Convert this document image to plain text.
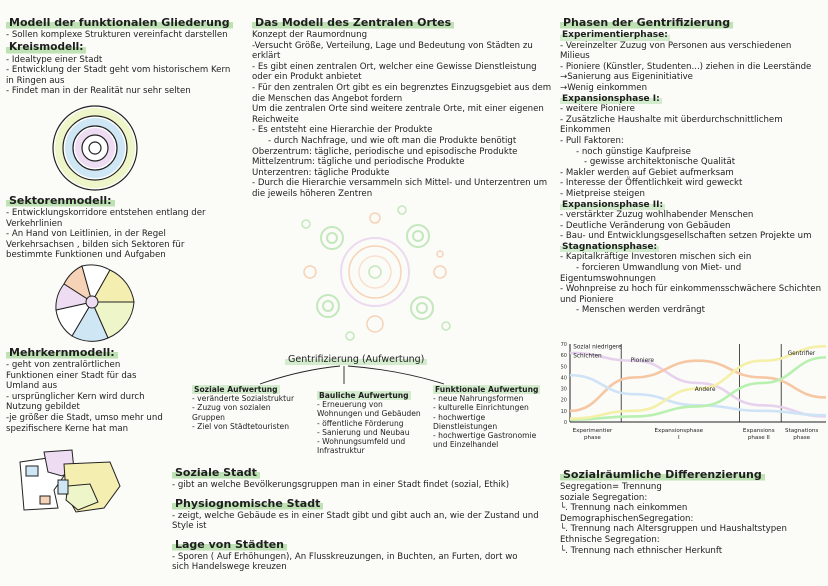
Modell der funktionalen Gliederung
- Sollen komplexe Strukturen vereinfacht darstellen
Kreismodell:
- Idealtype einer Stadt
- Entwicklung der Stadt geht vom historischem Kern
in Ringen aus
- Findet man in der Realität nur sehr selten
Sektorenmodell:
- Entwicklungskorridore entstehen entlang der
Verkehrlinien
- An Hand von Leitlinien, in der Regel
Verkehrsachsen , bilden sich Sektoren für
bestimmte Funktionen und Aufgaben
Mehrkernmodell:
- geht von zentralörtlichen
Funktionen einer Stadt für das
Umland aus
- ursprünglicher Kern wird durch
Nutzung gebildet
-je größer die Stadt, umso mehr und
spezifischere Kerne hat man
Das Modell des Zentralen Ortes
Konzept der Raumordnung
-Versucht Größe, Verteilung, Lage und Bedeutung von Städten zu
erklärt
- Es gibt einen zentralen Ort, welcher eine Gewisse Dienstleistung
oder ein Produkt anbietet
- Für den zentralen Ort gibt es ein begrenztes Einzugsgebiet aus dem
die Menschen das Angebot fordern
Um die zentralen Orte sind weitere zentrale Orte, mit einer eigenen
Reichweite
- Es entsteht eine Hierarchie der Produkte
- durch Nachfrage, und wie oft man die Produkte benötigt
Oberzentrum: tägliche, periodische und episodische Produkte
Mittelzentrum: tägliche und periodische Produkte
Unterzentren: tägliche Produkte
- Durch die Hierarchie versammeln sich Mittel- und Unterzentren um
die jeweils höheren Zentren
Gentrifizierung (Aufwertung)
Soziale Aufwertung
- veränderte Sozialstruktur
- Zuzug von sozialen
Gruppen
- Ziel von Städtetouristen
Bauliche Aufwertung
- Erneuerung von
Wohnungen und Gebäuden
- öffentliche Förderung
- Sanierung und Neubau
- Wohnungsumfeld und
Infrastruktur
Funktionale Aufwertung
- neue Nahrungsformen
- kulturelle Einrichtungen
- hochwertige
Dienstleistungen
- hochwertige Gastronomie
und Einzelhandel
Soziale Stadt
- gibt an welche Bevölkerungsgruppen man in einer Stadt findet (sozial, Ethik)
Physiognomische Stadt
- zeigt, welche Gebäude es in einer Stadt gibt und gibt auch an, wie der Zustand und
Style ist
Lage von Städten
- Sporen ( Auf Erhöhungen), An Flusskreuzungen, in Buchten, an Furten, dort wo
sich Handelswege kreuzen
Phasen der Gentrifizierung
Experimentierphase:
- Vereinzelter Zuzug von Personen aus verschiedenen
Milieus
- Pioniere (Künstler, Studenten...) ziehen in die Leerstände
→Sanierung aus Eigeninitiative
→Wenig einkommen
Expansionsphase I:
- weitere Pioniere
- Zusätzliche Haushalte mit überdurchschnittlichem
Einkommen
- Pull Faktoren:
- noch günstige Kaufpreise
- gewisse architektonische Qualität
- Makler werden auf Gebiet aufmerksam
- Interesse der Öffentlichkeit wird geweckt
- Mietpreise steigen
Expansionsphase II:
- verstärkter Zuzug wohlhabender Menschen
- Deutliche Veränderung von Gebäuden
- Bau- und Entwicklungsgesellschaften setzen Projekte um
Stagnationsphase:
- Kapitalkräftige Investoren mischen sich ein
- forcieren Umwandlung von Miet- und
Eigentumswohnungen
- Wohnpreise zu hoch für einkommensschwächere Schichten
und Pioniere
- Menschen werden verdrängt
70
60
50
40
30
20
10
0
Experimentier
phase
Expansionsphase
I
Expansions
phase II
Stagnations
phase
Sozial niedrigere
Schichten
Pioniere
Andere
Gentrifier
Sozialräumliche Differenzierung
Segregation= Trennung
soziale Segregation:
└. Trennung nach einkommen
DemographischenSegregation:
└. Trennung nach Altersgruppen und Haushaltstypen
Ethnische Segregation:
└. Trennung nach ethnischer Herkunft
